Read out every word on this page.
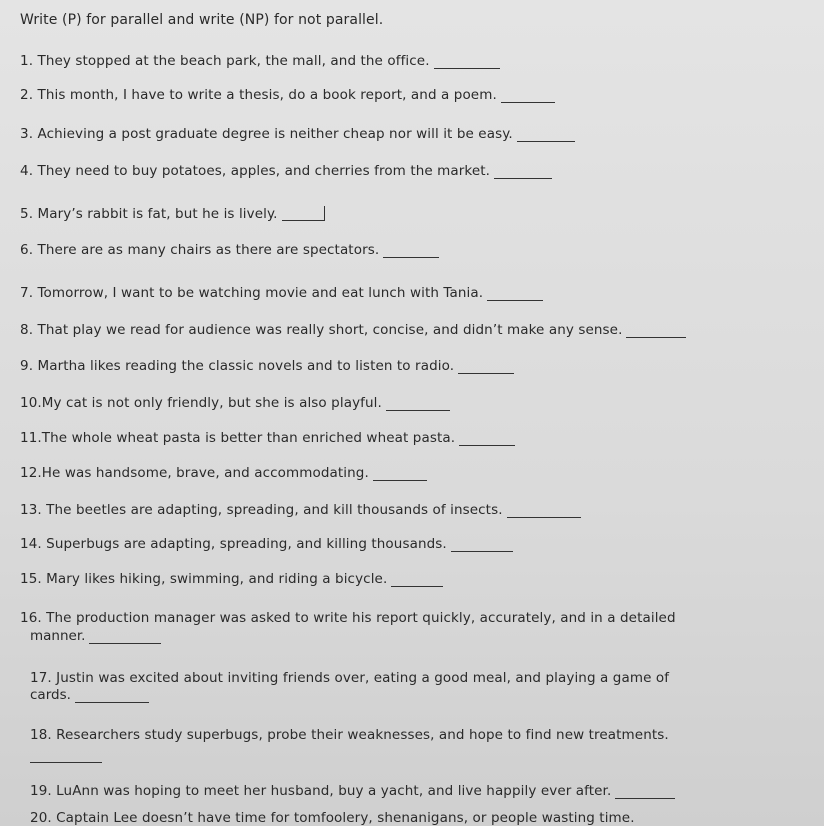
Write (P) for parallel and write (NP) for not parallel.
1. They stopped at the beach park, the mall, and the office.
2. This month, I have to write a thesis, do a book report, and a poem.
3. Achieving a post graduate degree is neither cheap nor will it be easy.
4. They need to buy potatoes, apples, and cherries from the market.
5. Mary’s rabbit is fat, but he is lively.
6. There are as many chairs as there are spectators.
7. Tomorrow, I want to be watching movie and eat lunch with Tania.
8. That play we read for audience was really short, concise, and didn’t make any sense.
9. Martha likes reading the classic novels and to listen to radio.
10.My cat is not only friendly, but she is also playful.
11.The whole wheat pasta is better than enriched wheat pasta.
12.He was handsome, brave, and accommodating.
13. The beetles are adapting, spreading, and kill thousands of insects.
14. Superbugs are adapting, spreading, and killing thousands.
15. Mary likes hiking, swimming, and riding a bicycle.
16. The production manager was asked to write his report quickly, accurately, and in a detailed
manner.
17. Justin was excited about inviting friends over, eating a good meal, and playing a game of
cards.
18. Researchers study superbugs, probe their weaknesses, and hope to find new treatments.
19. LuAnn was hoping to meet her husband, buy a yacht, and live happily ever after.
20. Captain Lee doesn’t have time for tomfoolery, shenanigans, or people wasting time.
